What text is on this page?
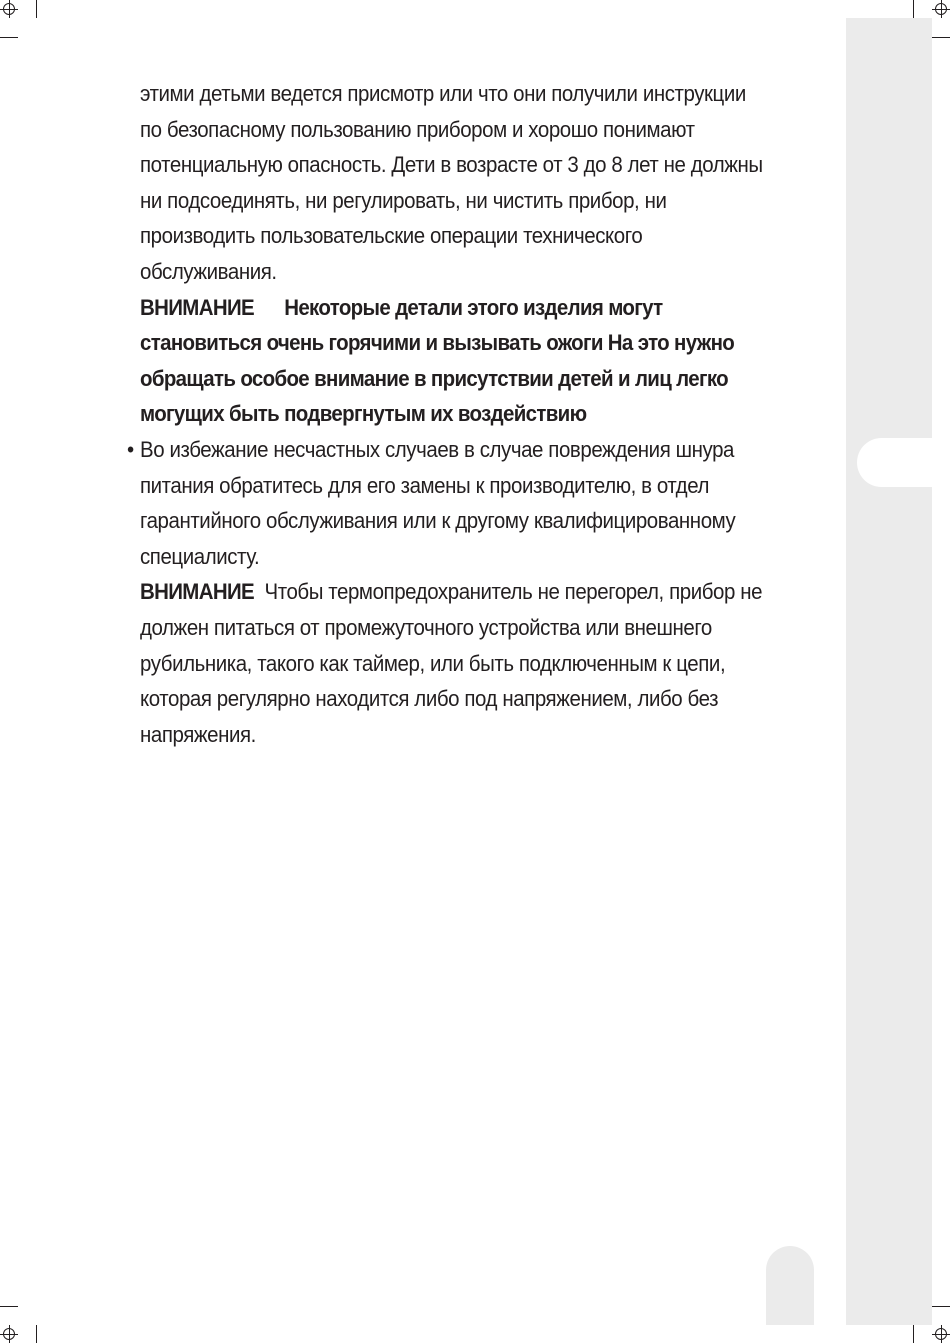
этими детьми ведется присмотр или что они получили инструкции по безопасному пользованию прибором и хорошо понимают потенциальную опасность. Дети в возрасте от 3 до 8 лет не должны ни подсоединять, ни регулировать, ни чистить прибор, ни производить пользовательские операции технического обслуживания.

ВНИМАНИЕ Некоторые детали этого изделия могут становиться очень горячими и вызывать ожоги На это нужно обращать особое внимание в присутствии детей и лиц легко могущих быть подвергнутым их воздействию

• Во избежание несчастных случаев в случае повреждения шнура питания обратитесь для его замены к производителю, в отдел гарантийного обслуживания или к другому квалифицированному специалисту.

ВНИМАНИЕ Чтобы термопредохранитель не перегорел, прибор не должен питаться от промежуточного устройства или внешнего рубильника, такого как таймер, или быть подключенным к цепи, которая регулярно находится либо под напряжением, либо без напряжения.
